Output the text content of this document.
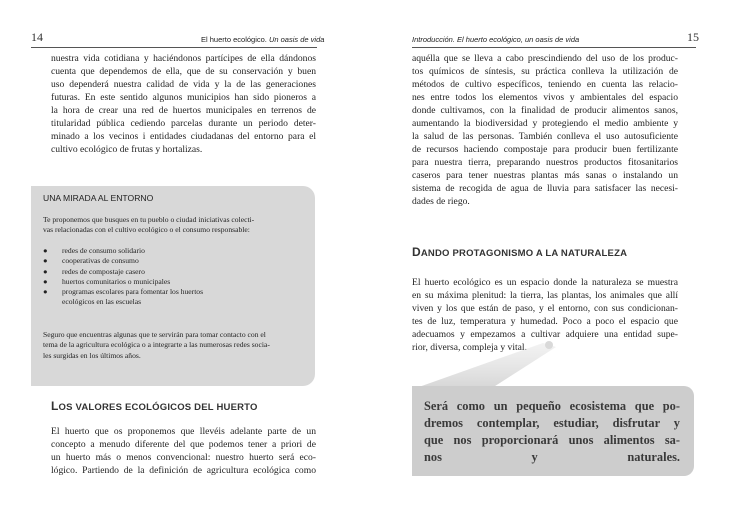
14	El huerto ecológico. Un oasis de vida
nuestra vida cotidiana y haciéndonos partícipes de ella dándonos
cuenta que dependemos de ella, que de su conservación y buen
uso dependerá nuestra calidad de vida y la de las generaciones
futuras. En este sentido algunos municipios han sido pioneros a
la hora de crear una red de huertos municipales en terrenos de
titularidad pública cediendo parcelas durante un periodo deter-
minado a los vecinos i entidades ciudadanas del entorno para el
cultivo ecológico de frutas y hortalizas.
UNA MIRADA AL ENTORNO
Te proponemos que busques en tu pueblo o ciudad iniciativas colecti-
vas relacionadas con el cultivo ecológico o el consumo responsable:
● redes de consumo solidario
● cooperativas de consumo
● redes de compostaje casero
● huertos comunitarios o municipales
● programas escolares para fomentar los huertos
ecológicos en las escuelas
Seguro que encuentras algunas que te servirán para tomar contacto con el
tema de la agricultura ecológica o a integrarte a las numerosas redes socia-
les surgidas en los últimos años.
LOS VALORES ECOLÓGICOS DEL HUERTO
El huerto que os proponemos que llevéis adelante parte de un
concepto a menudo diferente del que podemos tener a priori de
un huerto más o menos convencional: nuestro huerto será eco-
lógico. Partiendo de la definición de agricultura ecológica como
Introducción. El huerto ecológico, un oasis de vida	15
aquélla que se lleva a cabo prescindiendo del uso de los produc-
tos químicos de síntesis, su práctica conlleva la utilización de
métodos de cultivo específicos, teniendo en cuenta las relacio-
nes entre todos los elementos vivos y ambientales del espacio
donde cultivamos, con la finalidad de producir alimentos sanos,
aumentando la biodiversidad y protegiendo el medio ambiente y
la salud de las personas. También conlleva el uso autosuficiente
de recursos haciendo compostaje para producir buen fertilizante
para nuestra tierra, preparando nuestros productos fitosanitarios
caseros para tener nuestras plantas más sanas o instalando un
sistema de recogida de agua de lluvia para satisfacer las necesi-
dades de riego.
DANDO PROTAGONISMO A LA NATURALEZA
El huerto ecológico es un espacio donde la naturaleza se muestra
en su máxima plenitud: la tierra, las plantas, los animales que allí
viven y los que están de paso, y el entorno, con sus condicionan-
tes de luz, temperatura y humedad. Poco a poco el espacio que
adecuamos y empezamos a cultivar adquiere una entidad supe-
rior, diversa, compleja y vital.
Será como un pequeño ecosistema que po-
dremos contemplar, estudiar, disfrutar y
que nos proporcionará unos alimentos sa-
nos y naturales.
